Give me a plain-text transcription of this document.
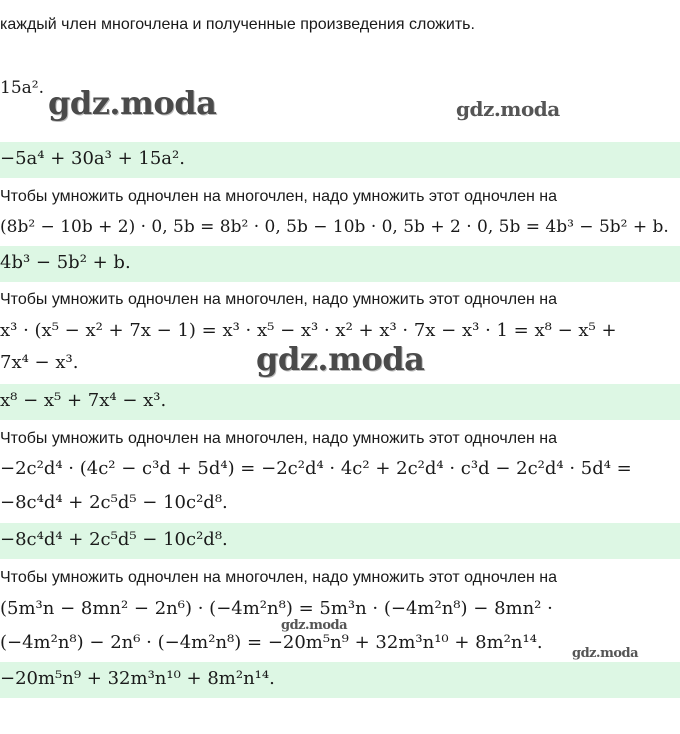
каждый член многочлена и полученные произведения сложить.
15a². gdz.moda	gdz.moda
−5a⁴ + 30a³ + 15a².
Чтобы умножить одночлен на многочлен, надо умножить этот одночлен на
(8b² − 10b + 2) · 0, 5b = 8b² · 0, 5b − 10b · 0, 5b + 2 · 0, 5b = 4b³ − 5b² + b.
4b³ − 5b² + b.
Чтобы умножить одночлен на многочлен, надо умножить этот одночлен на
x³ · (x⁵ − x² + 7x − 1) = x³ · x⁵ − x³ · x² + x³ · 7x − x³ · 1 = x⁸ − x⁵ +
7x⁴ − x³.	gdz.moda
x⁸ − x⁵ + 7x⁴ − x³.
Чтобы умножить одночлен на многочлен, надо умножить этот одночлен на
−2c²d⁴ · (4c² − c³d + 5d⁴) = −2c²d⁴ · 4c² + 2c²d⁴ · c³d − 2c²d⁴ · 5d⁴ =
−8c⁴d⁴ + 2c⁵d⁵ − 10c²d⁸.
−8c⁴d⁴ + 2c⁵d⁵ − 10c²d⁸.
Чтобы умножить одночлен на многочлен, надо умножить этот одночлен на
(5m³n − 8mn² − 2n⁶) · (−4m²n⁸) = 5m³n · (−4m²n⁸) − 8mn² ·
gdz.moda
(−4m²n⁸) − 2n⁶ · (−4m²n⁸) = −20m⁵n⁹ + 32m³n¹⁰ + 8m²n¹⁴.
gdz.moda
−20m⁵n⁹ + 32m³n¹⁰ + 8m²n¹⁴.
